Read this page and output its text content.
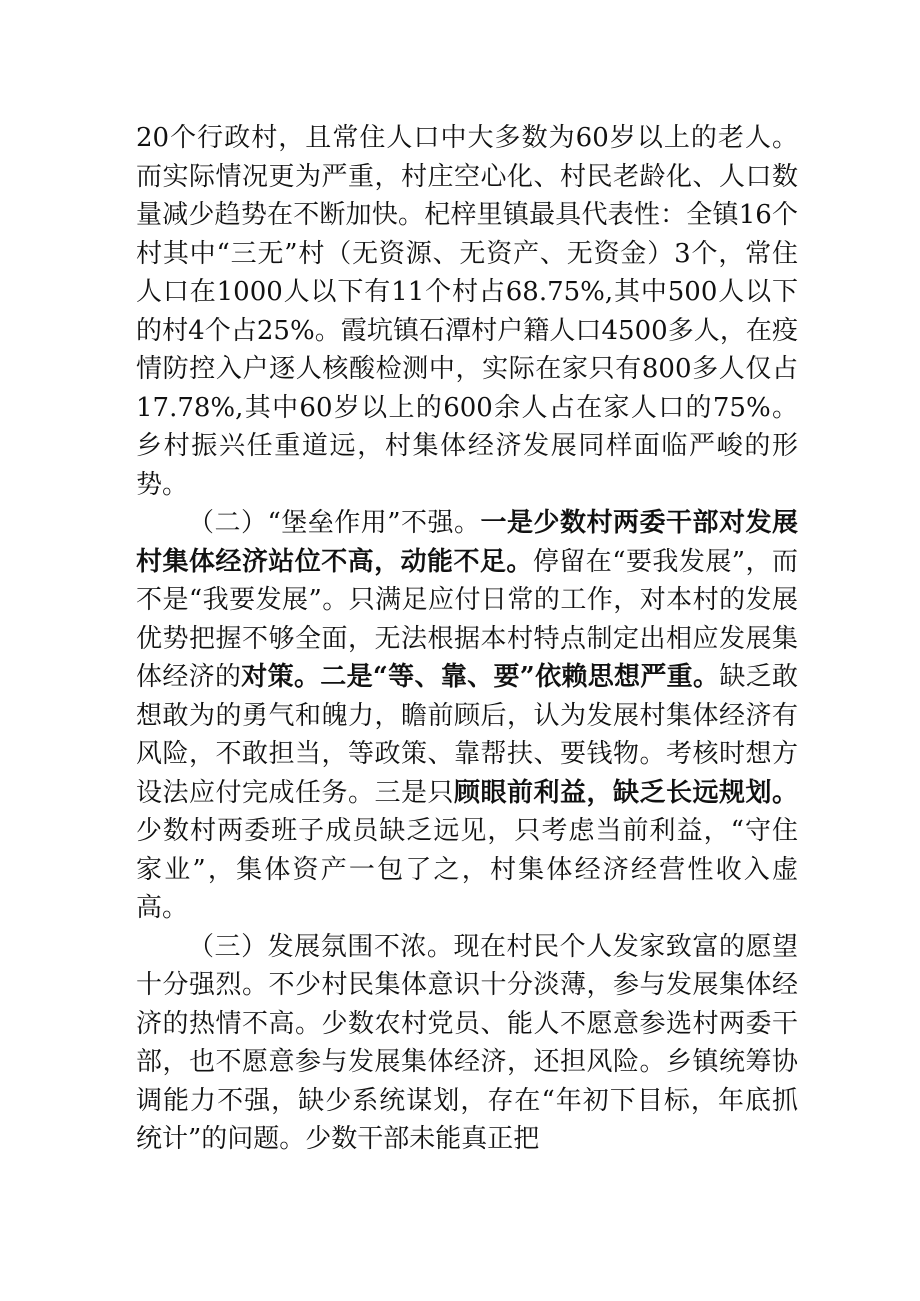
20个行政村，且常住人口中大多数为60岁以上的老人。而实际情况更为严重，村庄空心化、村民老龄化、人口数量减少趋势在不断加快。杞梓里镇最具代表性：全镇16个村其中“三无”村（无资源、无资产、无资金）3个，常住人口在1000人以下有11个村占68.75%,其中500人以下的村4个占25%。霞坑镇石潭村户籍人口4500多人，在疫情防控入户逐人核酸检测中，实际在家只有800多人仅占17.78%,其中60岁以上的600余人占在家人口的75%。乡村振兴任重道远，村集体经济发展同样面临严峻的形势。

（二）“堡垒作用”不强。一是少数村两委干部对发展村集体经济站位不高，动能不足。停留在“要我发展”，而不是“我要发展”。只满足应付日常的工作，对本村的发展优势把握不够全面，无法根据本村特点制定出相应发展集体经济的对策。二是“等、靠、要”依赖思想严重。缺乏敢想敢为的勇气和魄力，瞻前顾后，认为发展村集体经济有风险，不敢担当，等政策、靠帮扶、要钱物。考核时想方设法应付完成任务。三是只顾眼前利益，缺乏长远规划。少数村两委班子成员缺乏远见，只考虑当前利益，“守住家业”，集体资产一包了之，村集体经济经营性收入虚高。

（三）发展氛围不浓。现在村民个人发家致富的愿望十分强烈。不少村民集体意识十分淡薄，参与发展集体经济的热情不高。少数农村党员、能人不愿意参选村两委干部，也不愿意参与发展集体经济，还担风险。乡镇统筹协调能力不强，缺少系统谋划，存在“年初下目标，年底抓统计”的问题。少数干部未能真正把
